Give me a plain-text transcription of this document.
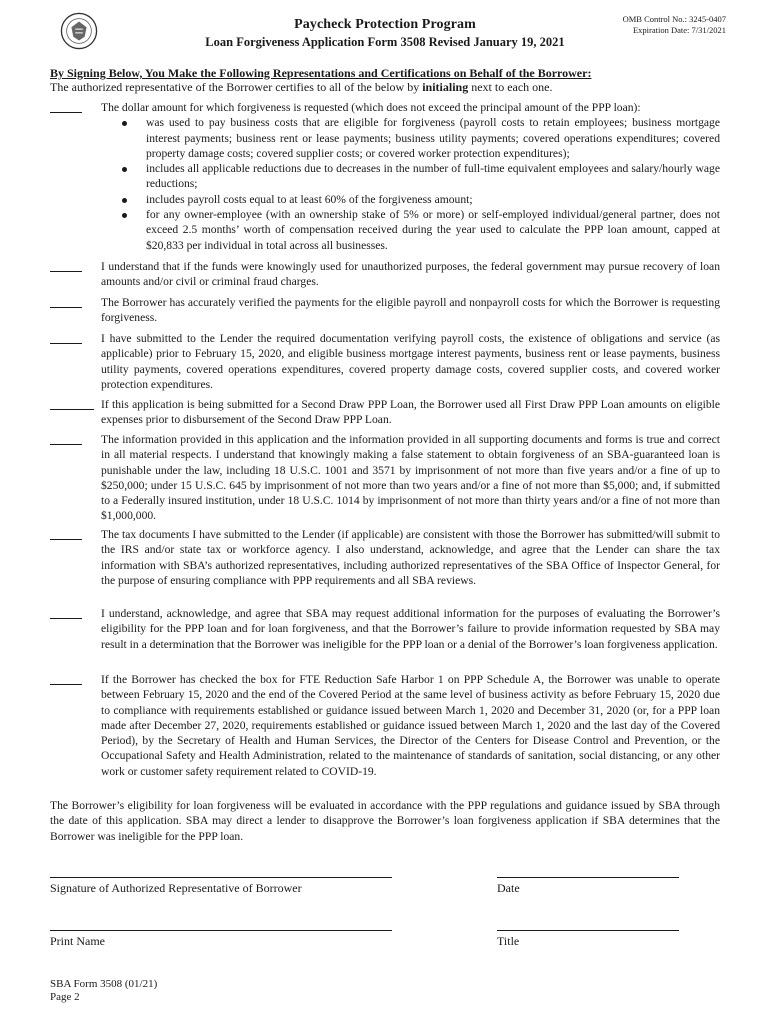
Paycheck Protection Program
Loan Forgiveness Application Form 3508 Revised January 19, 2021
OMB Control No.: 3245-0407
Expiration Date: 7/31/2021
By Signing Below, You Make the Following Representations and Certifications on Behalf of the Borrower:
The authorized representative of the Borrower certifies to all of the below by initialing next to each one.
The dollar amount for which forgiveness is requested (which does not exceed the principal amount of the PPP loan):
was used to pay business costs that are eligible for forgiveness (payroll costs to retain employees; business mortgage interest payments; business rent or lease payments; business utility payments; covered operations expenditures; covered property damage costs; covered supplier costs; or covered worker protection expenditures);
includes all applicable reductions due to decreases in the number of full-time equivalent employees and salary/hourly wage reductions;
includes payroll costs equal to at least 60% of the forgiveness amount;
for any owner-employee (with an ownership stake of 5% or more) or self-employed individual/general partner, does not exceed 2.5 months’ worth of compensation received during the year used to calculate the PPP loan amount, capped at $20,833 per individual in total across all businesses.
I understand that if the funds were knowingly used for unauthorized purposes, the federal government may pursue recovery of loan amounts and/or civil or criminal fraud charges.
The Borrower has accurately verified the payments for the eligible payroll and nonpayroll costs for which the Borrower is requesting forgiveness.
I have submitted to the Lender the required documentation verifying payroll costs, the existence of obligations and service (as applicable) prior to February 15, 2020, and eligible business mortgage interest payments, business rent or lease payments, business utility payments, covered operations expenditures, covered property damage costs, covered supplier costs, and covered worker protection expenditures.
If this application is being submitted for a Second Draw PPP Loan, the Borrower used all First Draw PPP Loan amounts on eligible expenses prior to disbursement of the Second Draw PPP Loan.
The information provided in this application and the information provided in all supporting documents and forms is true and correct in all material respects. I understand that knowingly making a false statement to obtain forgiveness of an SBA-guaranteed loan is punishable under the law, including 18 U.S.C. 1001 and 3571 by imprisonment of not more than five years and/or a fine of up to $250,000; under 15 U.S.C. 645 by imprisonment of not more than two years and/or a fine of not more than $5,000; and, if submitted to a Federally insured institution, under 18 U.S.C. 1014 by imprisonment of not more than thirty years and/or a fine of not more than $1,000,000.
The tax documents I have submitted to the Lender (if applicable) are consistent with those the Borrower has submitted/will submit to the IRS and/or state tax or workforce agency. I also understand, acknowledge, and agree that the Lender can share the tax information with SBA’s authorized representatives, including authorized representatives of the SBA Office of Inspector General, for the purpose of ensuring compliance with PPP requirements and all SBA reviews.
I understand, acknowledge, and agree that SBA may request additional information for the purposes of evaluating the Borrower’s eligibility for the PPP loan and for loan forgiveness, and that the Borrower’s failure to provide information requested by SBA may result in a determination that the Borrower was ineligible for the PPP loan or a denial of the Borrower’s loan forgiveness application.
If the Borrower has checked the box for FTE Reduction Safe Harbor 1 on PPP Schedule A, the Borrower was unable to operate between February 15, 2020 and the end of the Covered Period at the same level of business activity as before February 15, 2020 due to compliance with requirements established or guidance issued between March 1, 2020 and December 31, 2020 (or, for a PPP loan made after December 27, 2020, requirements established or guidance issued between March 1, 2020 and the last day of the Covered Period), by the Secretary of Health and Human Services, the Director of the Centers for Disease Control and Prevention, or the Occupational Safety and Health Administration, related to the maintenance of standards of sanitation, social distancing, or any other work or customer safety requirement related to COVID-19.
The Borrower’s eligibility for loan forgiveness will be evaluated in accordance with the PPP regulations and guidance issued by SBA through the date of this application. SBA may direct a lender to disapprove the Borrower’s loan forgiveness application if SBA determines that the Borrower was ineligible for the PPP loan.
Signature of Authorized Representative of Borrower	Date
Print Name	Title
SBA Form 3508 (01/21)
Page 2
